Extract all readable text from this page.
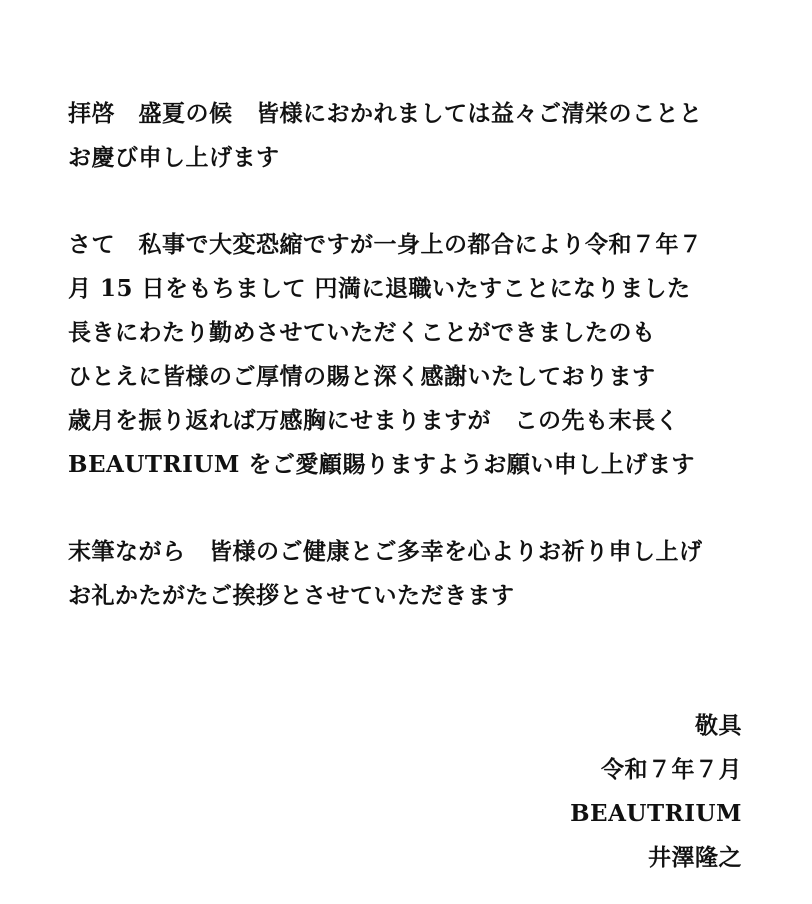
拝啓　盛夏の候　皆様におかれましては益々ご清栄のことと
お慶び申し上げます

さて　私事で大変恐縮ですが一身上の都合により令和７年７
月 15 日をもちまして 円満に退職いたすことになりました
長きにわたり勤めさせていただくことができましたのも
ひとえに皆様のご厚情の賜と深く感謝いたしております
歳月を振り返れば万感胸にせまりますが　この先も末長く
BEAUTRIUM をご愛顧賜りますようお願い申し上げます

末筆ながら　皆様のご健康とご多幸を心よりお祈り申し上げ
お礼かたがたご挨拶とさせていただきます

敬具
令和７年７月
BEAUTRIUM
井澤隆之
